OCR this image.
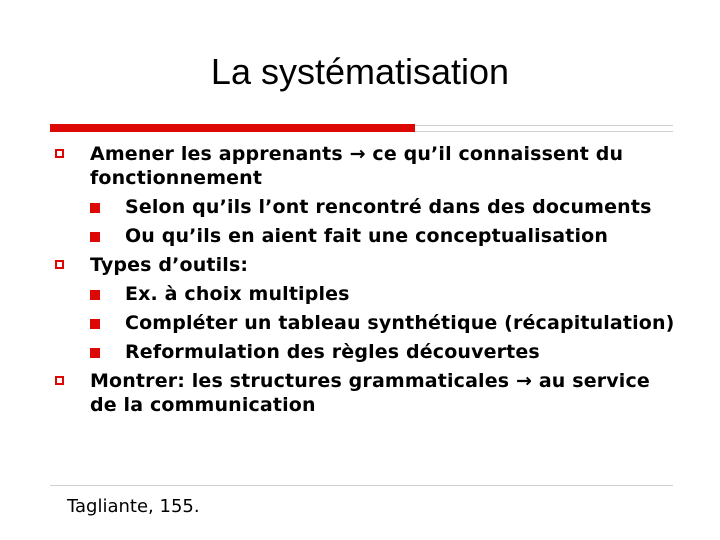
La systématisation
Amener les apprenants → ce qu’il connaissent du fonctionnement
Selon qu’ils l’ont rencontré dans des documents
Ou qu’ils en aient fait une conceptualisation
Types d’outils:
Ex. à choix multiples
Compléter un tableau synthétique (récapitulation)
Reformulation des règles découvertes
Montrer: les structures grammaticales → au service de la communication
Tagliante, 155.
